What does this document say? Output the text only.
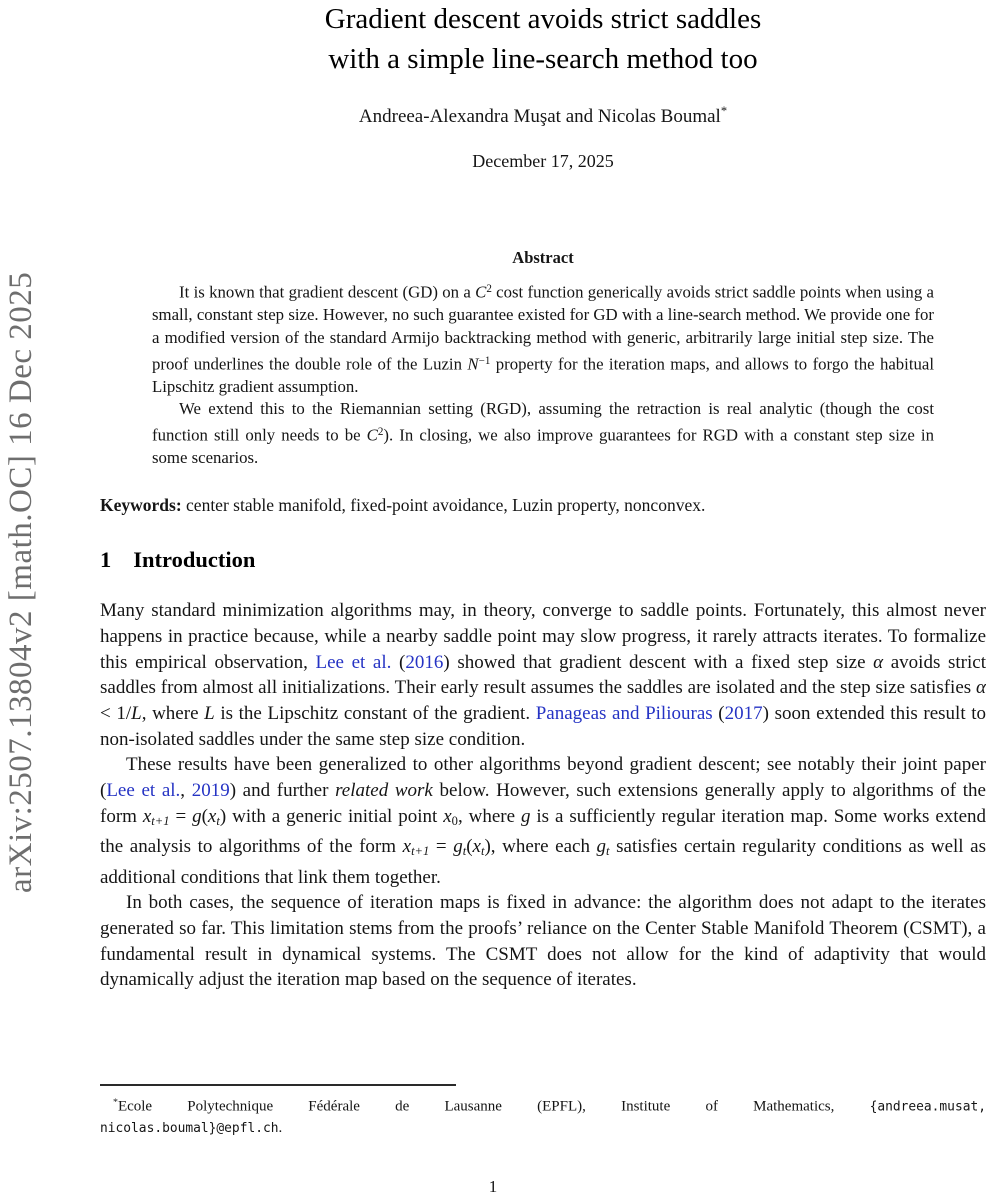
arXiv:2507.13804v2 [math.OC] 16 Dec 2025
Gradient descent avoids strict saddles
with a simple line-search method too
Andreea-Alexandra Muşat and Nicolas Boumal*
December 17, 2025
Abstract

It is known that gradient descent (GD) on a $C^2$ cost function generically avoids strict saddle points when using a small, constant step size. However, no such guarantee existed for GD with a line-search method. We provide one for a modified version of the standard Armijo backtracking method with generic, arbitrarily large initial step size. The proof underlines the double role of the Luzin $N^{-1}$ property for the iteration maps, and allows to forgo the habitual Lipschitz gradient assumption.

We extend this to the Riemannian setting (RGD), assuming the retraction is real analytic (though the cost function still only needs to be $C^2$). In closing, we also improve guarantees for RGD with a constant step size in some scenarios.

Keywords: center stable manifold, fixed-point avoidance, Luzin property, nonconvex.
1 Introduction

Many standard minimization algorithms may, in theory, converge to saddle points. Fortunately, this almost never happens in practice because, while a nearby saddle point may slow progress, it rarely attracts iterates. To formalize this empirical observation, Lee et al. (2016) showed that gradient descent with a fixed step size α avoids strict saddles from almost all initializations. Their early result assumes the saddles are isolated and the step size satisfies α < 1/L, where L is the Lipschitz constant of the gradient. Panageas and Piliouras (2017) soon extended this result to non-isolated saddles under the same step size condition.

These results have been generalized to other algorithms beyond gradient descent; see notably their joint paper (Lee et al., 2019) and further related work below. However, such extensions generally apply to algorithms of the form xt+1 = g(xt) with a generic initial point x0, where g is a sufficiently regular iteration map. Some works extend the analysis to algorithms of the form xt+1 = gt(xt), where each gt satisfies certain regularity conditions as well as additional conditions that link them together.

In both cases, the sequence of iteration maps is fixed in advance: the algorithm does not adapt to the iterates generated so far. This limitation stems from the proofs’ reliance on the Center Stable Manifold Theorem (CSMT), a fundamental result in dynamical systems. The CSMT does not allow for the kind of adaptivity that would dynamically adjust the iteration map based on the sequence of iterates.

*Ecole Polytechnique Fédérale de Lausanne (EPFL), Institute of Mathematics, {andreea.musat,
nicolas.boumal}@epfl.ch.
1
